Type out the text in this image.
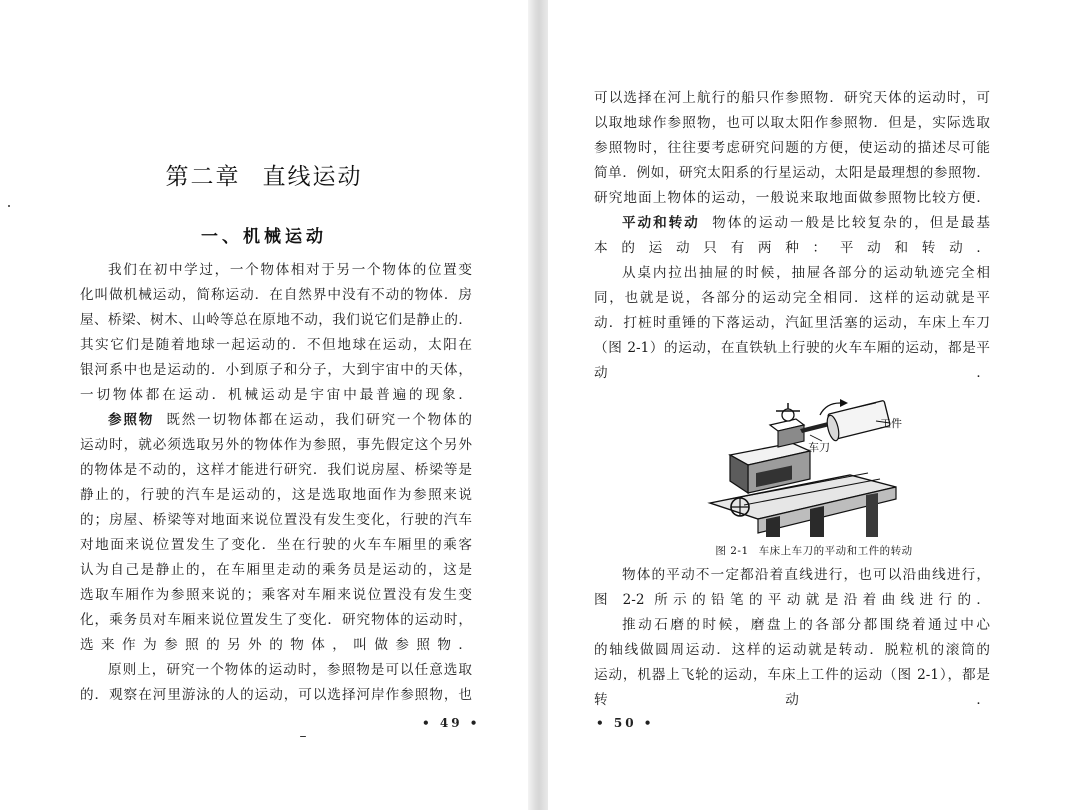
第二章 直线运动
一、机械运动

我们在初中学过，一个物体相对于另一个物体的位置变
化叫做机械运动，简称运动．在自然界中没有不动的物体．房
屋、桥梁、树木、山岭等总在原地不动，我们说它们是静止的．
其实它们是随着地球一起运动的．不但地球在运动，太阳在
银河系中也是运动的．小到原子和分子，大到宇宙中的天体，
一切物体都在运动．机械运动是宇宙中最普遍的现象．

参照物 既然一切物体都在运动，我们研究一个物体的
运动时，就必须选取另外的物体作为参照，事先假定这个另外
的物体是不动的，这样才能进行研究．我们说房屋、桥梁等是
静止的，行驶的汽车是运动的，这是选取地面作为参照来说
的；房屋、桥梁等对地面来说位置没有发生变化，行驶的汽车
对地面来说位置发生了变化．坐在行驶的火车车厢里的乘客
认为自己是静止的，在车厢里走动的乘务员是运动的，这是
选取车厢作为参照来说的；乘客对车厢来说位置没有发生变
化，乘务员对车厢来说位置发生了变化．研究物体的运动时，
选来作为参照的另外的物体，叫做参照物．

原则上，研究一个物体的运动时，参照物是可以任意选取
的．观察在河里游泳的人的运动，可以选择河岸作参照物，也

• 49 •

可以选择在河上航行的船只作参照物．研究天体的运动时，可
以取地球作参照物，也可以取太阳作参照物．但是，实际选取
参照物时，往往要考虑研究问题的方便，使运动的描述尽可能
简单．例如，研究太阳系的行星运动，太阳是最理想的参照物．
研究地面上物体的运动，一般说来取地面做参照物比较方便．

平动和转动 物体的运动一般是比较复杂的，但是最基
本的运动只有两种：平动和转动．

从桌内拉出抽屉的时候，抽屉各部分的运动轨迹完全相
同，也就是说，各部分的运动完全相同．这样的运动就是平
动．打桩时重锤的下落运动，汽缸里活塞的运动，车床上车刀
（图 2-1）的运动，在直铁轨上行驶的火车车厢的运动，都是平
动．

物体的平动不一定都沿着直线进行，也可以沿曲线进行，
图 2-2 所示的铅笔的平动就是沿着曲线进行的．

推动石磨的时候，磨盘上的各部分都围绕着通过中心
的轴线做圆周运动．这样的运动就是转动．脱粒机的滚筒的
运动，机器上飞轮的运动，车床上工件的运动（图 2-1），都是
转动．

• 50 •
工件
车刀
图 2-1 车床上车刀的平动和工件的转动
